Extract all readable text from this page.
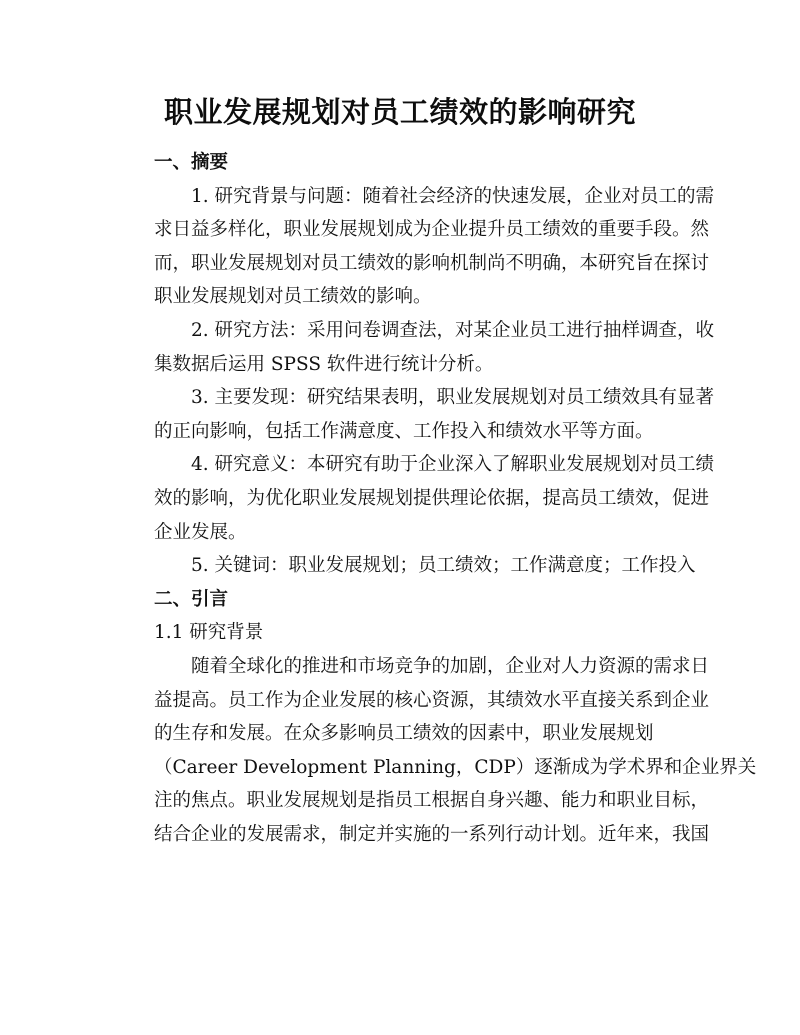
职业发展规划对员工绩效的影响研究
一、摘要
1. 研究背景与问题：随着社会经济的快速发展，企业对员工的需
求日益多样化，职业发展规划成为企业提升员工绩效的重要手段。然
而，职业发展规划对员工绩效的影响机制尚不明确，本研究旨在探讨
职业发展规划对员工绩效的影响。
2. 研究方法：采用问卷调查法，对某企业员工进行抽样调查，收
集数据后运用 SPSS 软件进行统计分析。
3. 主要发现：研究结果表明，职业发展规划对员工绩效具有显著
的正向影响，包括工作满意度、工作投入和绩效水平等方面。
4. 研究意义：本研究有助于企业深入了解职业发展规划对员工绩
效的影响，为优化职业发展规划提供理论依据，提高员工绩效，促进
企业发展。
5. 关键词：职业发展规划；员工绩效；工作满意度；工作投入
二、引言
1.1 研究背景
随着全球化的推进和市场竞争的加剧，企业对人力资源的需求日
益提高。员工作为企业发展的核心资源，其绩效水平直接关系到企业
的生存和发展。在众多影响员工绩效的因素中，职业发展规划
（Career Development Planning，CDP）逐渐成为学术界和企业界关
注的焦点。职业发展规划是指员工根据自身兴趣、能力和职业目标，
结合企业的发展需求，制定并实施的一系列行动计划。近年来，我国
